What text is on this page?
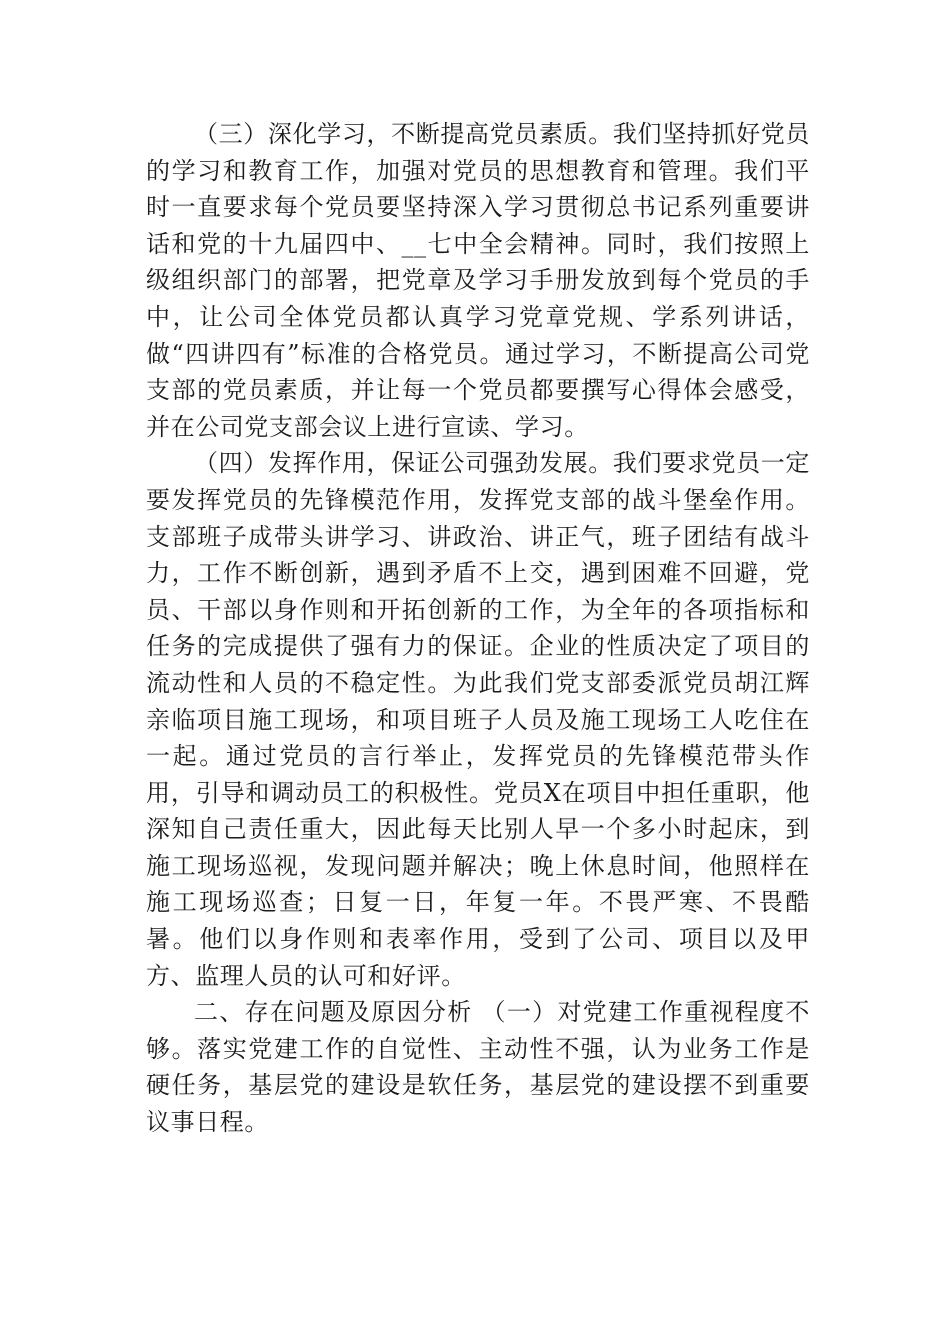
（三）深化学习，不断提高党员素质。我们坚持抓好党员的学习和教育工作，加强对党员的思想教育和管理。我们平时一直要求每个党员要坚持深入学习贯彻总书记系列重要讲话和党的十九届四中、__七中全会精神。同时，我们按照上级组织部门的部署，把党章及学习手册发放到每个党员的手中，让公司全体党员都认真学习党章党规、学系列讲话，做“四讲四有”标准的合格党员。通过学习，不断提高公司党支部的党员素质，并让每一个党员都要撰写心得体会感受，并在公司党支部会议上进行宣读、学习。

（四）发挥作用，保证公司强劲发展。我们要求党员一定要发挥党员的先锋模范作用，发挥党支部的战斗堡垒作用。支部班子成带头讲学习、讲政治、讲正气，班子团结有战斗力，工作不断创新，遇到矛盾不上交，遇到困难不回避，党员、干部以身作则和开拓创新的工作，为全年的各项指标和任务的完成提供了强有力的保证。企业的性质决定了项目的流动性和人员的不稳定性。为此我们党支部委派党员胡江辉亲临项目施工现场，和项目班子人员及施工现场工人吃住在一起。通过党员的言行举止，发挥党员的先锋模范带头作用，引导和调动员工的积极性。党员X在项目中担任重职，他深知自己责任重大，因此每天比别人早一个多小时起床，到施工现场巡视，发现问题并解决；晚上休息时间，他照样在施工现场巡查；日复一日，年复一年。不畏严寒、不畏酷暑。他们以身作则和表率作用，受到了公司、项目以及甲方、监理人员的认可和好评。

二、存在问题及原因分析 （一）对党建工作重视程度不够。落实党建工作的自觉性、主动性不强，认为业务工作是硬任务，基层党的建设是软任务，基层党的建设摆不到重要议事日程。
